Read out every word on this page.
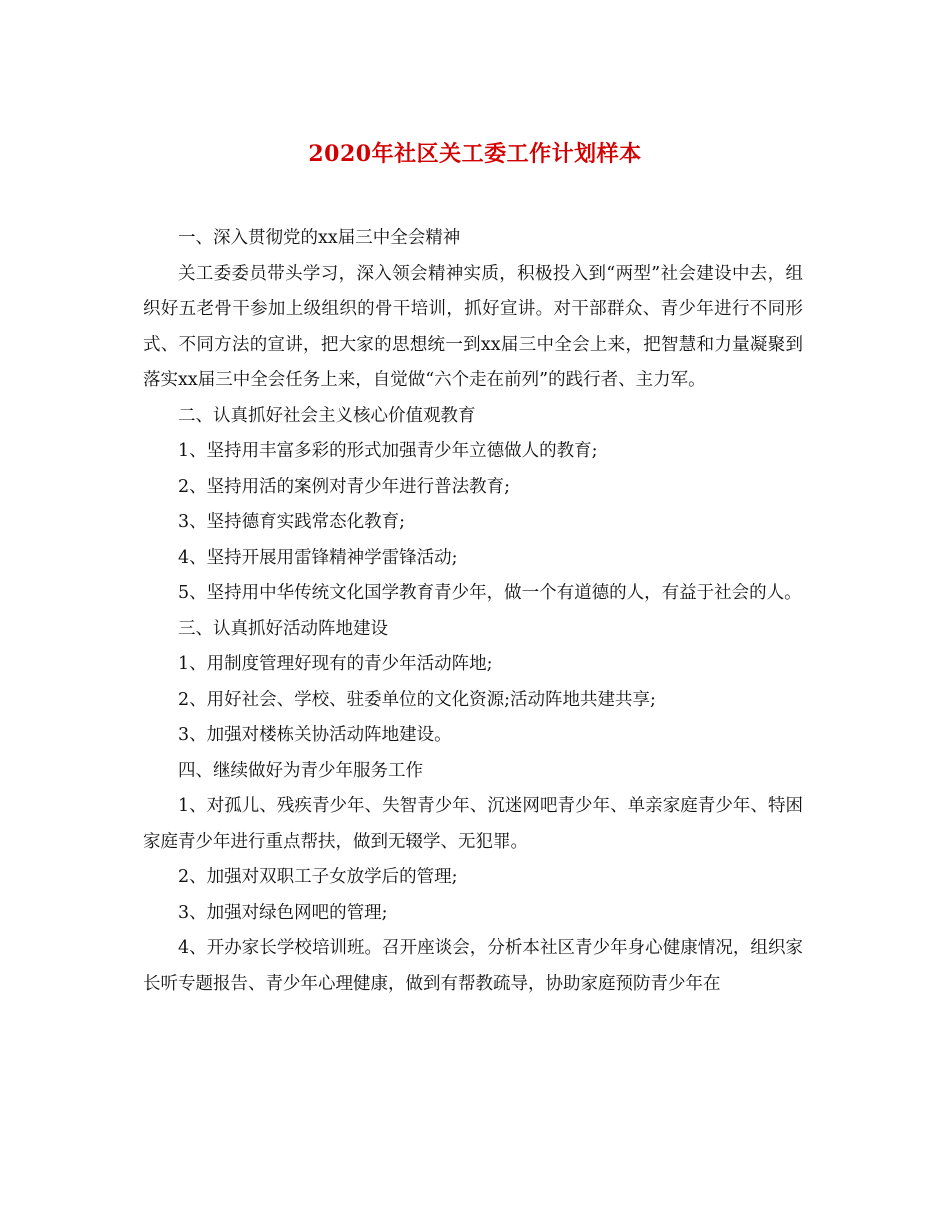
2020年社区关工委工作计划样本

一、深入贯彻党的xx届三中全会精神

关工委委员带头学习，深入领会精神实质，积极投入到“两型”社会建设中去，组织好五老骨干参加上级组织的骨干培训，抓好宣讲。对干部群众、青少年进行不同形式、不同方法的宣讲，把大家的思想统一到xx届三中全会上来，把智慧和力量凝聚到落实xx届三中全会任务上来，自觉做“六个走在前列”的践行者、主力军。

二、认真抓好社会主义核心价值观教育

1、坚持用丰富多彩的形式加强青少年立德做人的教育;

2、坚持用活的案例对青少年进行普法教育;

3、坚持德育实践常态化教育;

4、坚持开展用雷锋精神学雷锋活动;

5、坚持用中华传统文化国学教育青少年，做一个有道德的人，有益于社会的人。

三、认真抓好活动阵地建设

1、用制度管理好现有的青少年活动阵地;

2、用好社会、学校、驻委单位的文化资源;活动阵地共建共享;

3、加强对楼栋关协活动阵地建设。

四、继续做好为青少年服务工作

1、对孤儿、残疾青少年、失智青少年、沉迷网吧青少年、单亲家庭青少年、特困家庭青少年进行重点帮扶，做到无辍学、无犯罪。

2、加强对双职工子女放学后的管理;

3、加强对绿色网吧的管理;

4、开办家长学校培训班。召开座谈会，分析本社区青少年身心健康情况，组织家长听专题报告、青少年心理健康，做到有帮教疏导，协助家庭预防青少年在
